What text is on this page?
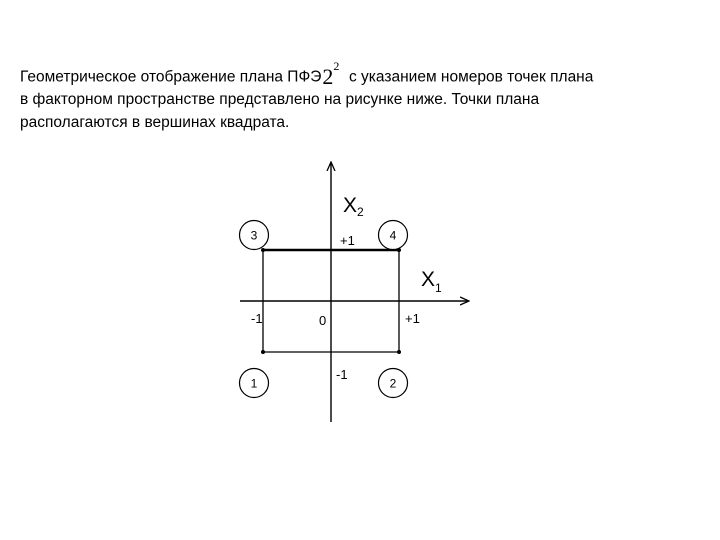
Геометрическое отображение плана $ПФЭ2^2$  с указанием номеров точек плана
в факторном пространстве представлено на рисунке ниже. Точки плана
располагаются в вершинах квадрата.
X2
$X_1$
+1
-1
-1	+1
0
1	2
3	4
